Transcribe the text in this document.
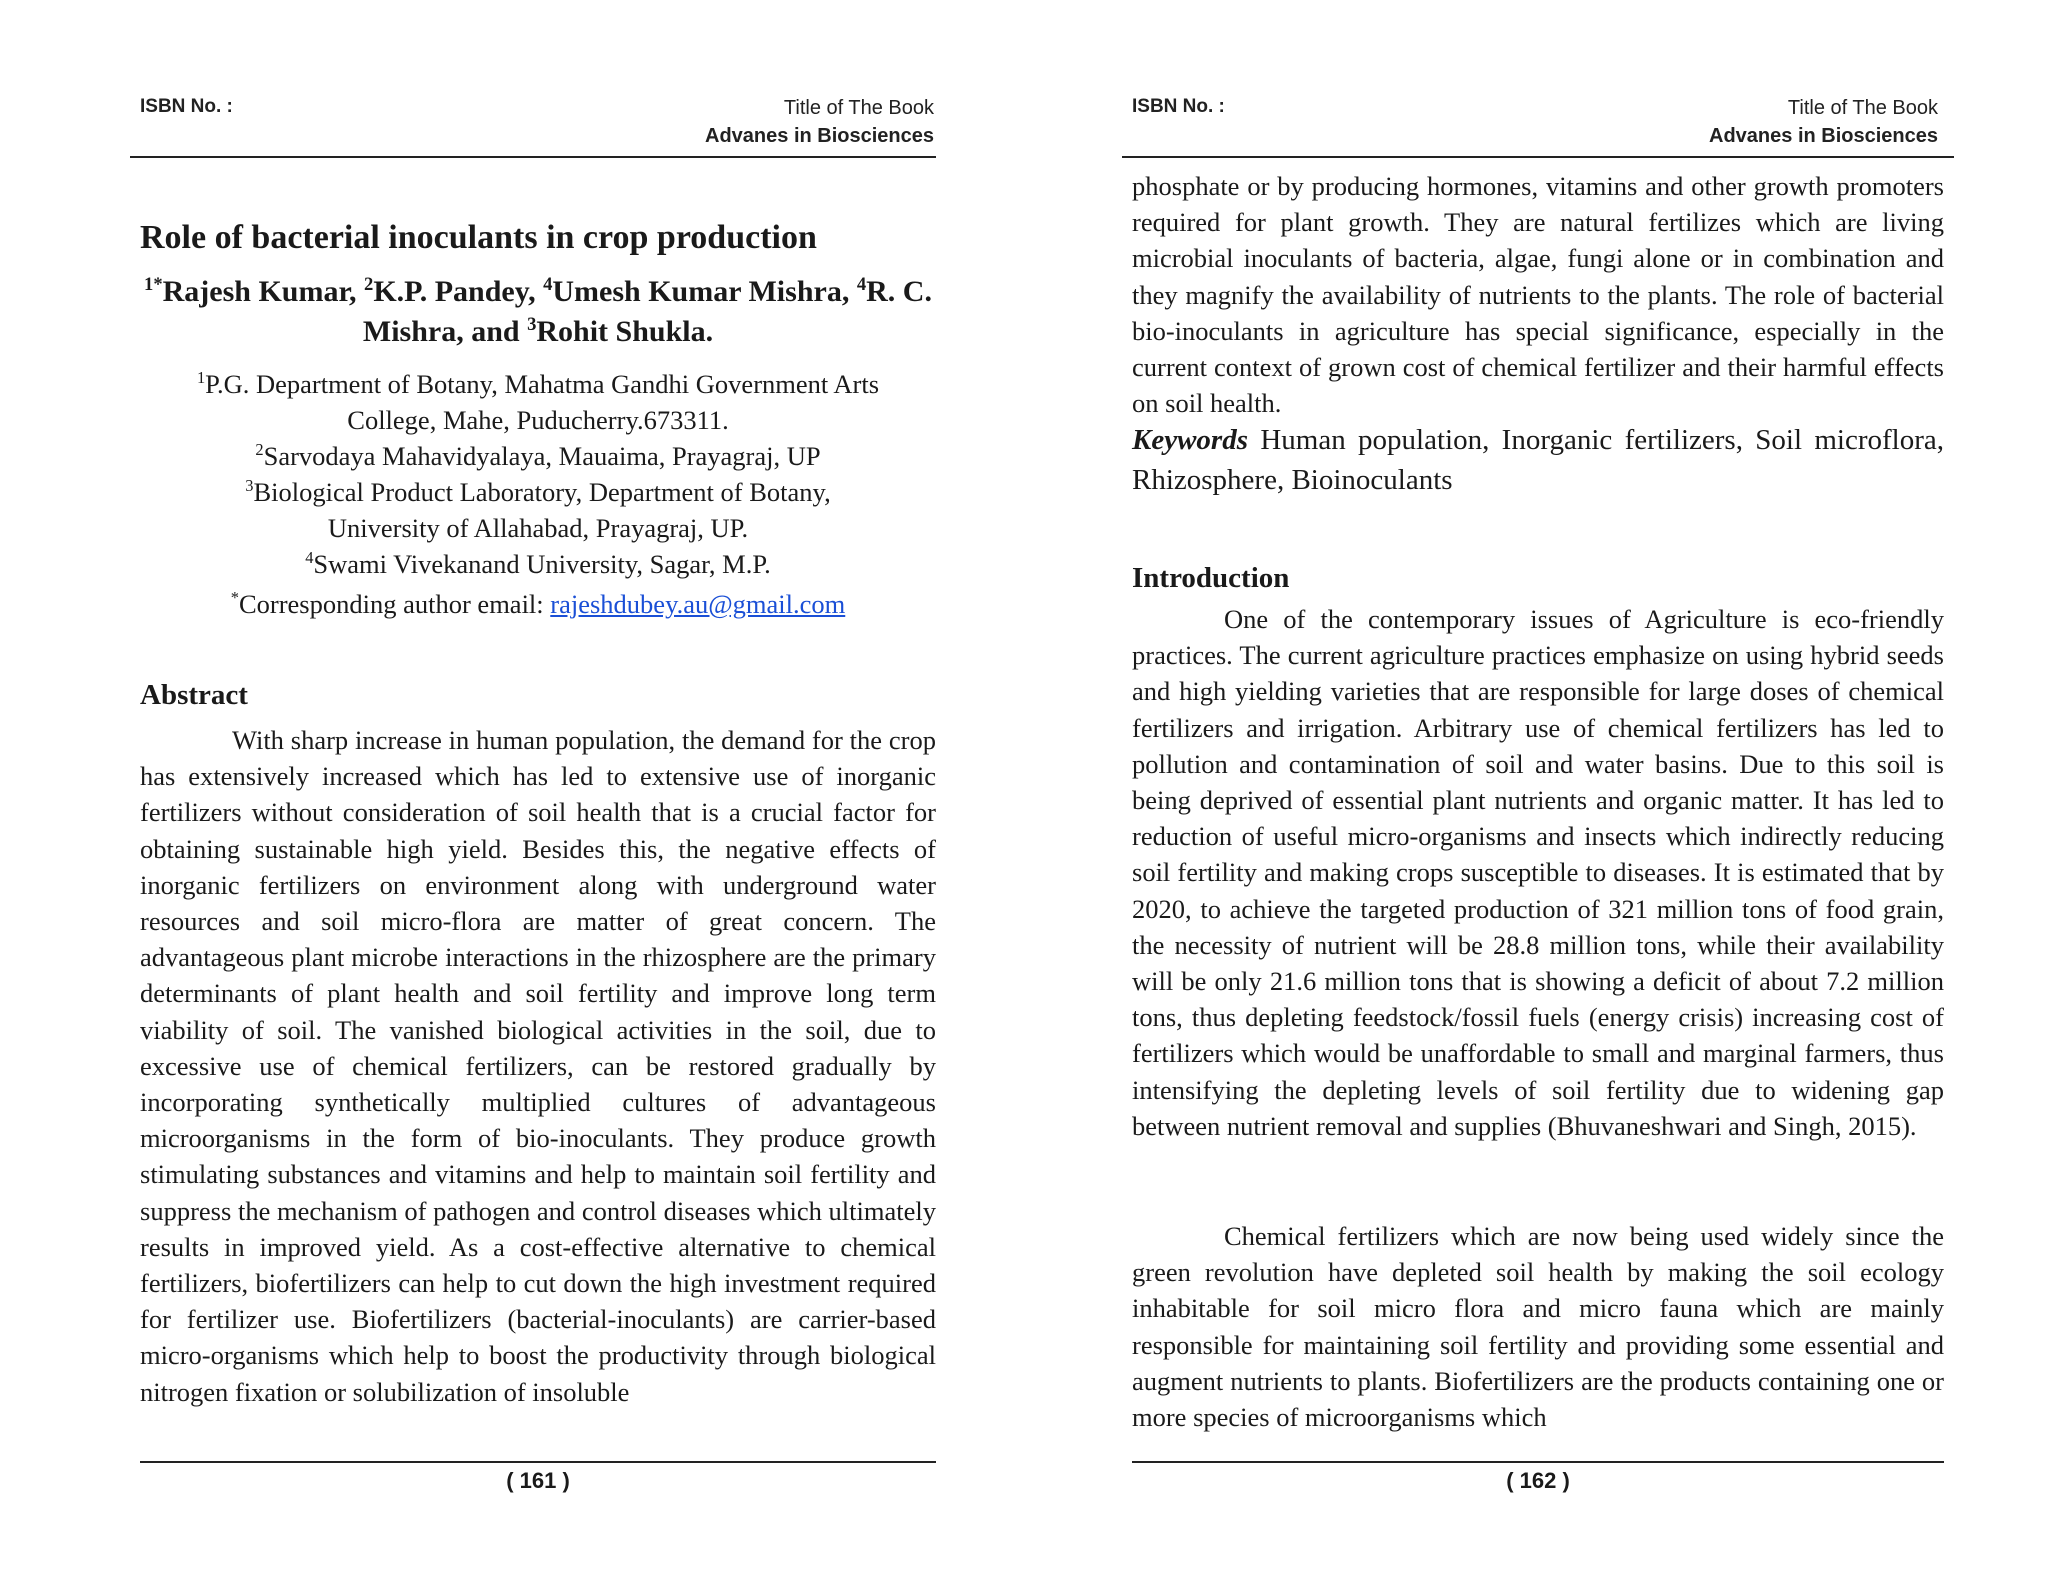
ISBN No. :	Title of The Book
Advanes in Biosciences
Role of bacterial inoculants in crop production
$^{1*}$Rajesh Kumar, $^2$K.P. Pandey, $^4$Umesh Kumar Mishra, $^4$R. C. Mishra, and $^3$Rohit Shukla.
$^1$P.G. Department of Botany, Mahatma Gandhi Government Arts College, Mahe, Puducherry.673311.
$^2$Sarvodaya Mahavidyalaya, Mauaima, Prayagraj, UP
$^3$Biological Product Laboratory, Department of Botany, University of Allahabad, Prayagraj, UP.
$^4$Swami Vivekanand University, Sagar, M.P.
*Corresponding author email: rajeshdubey.au@gmail.com
Abstract
With sharp increase in human population, the demand for the crop has extensively increased which has led to extensive use of inorganic fertilizers without consideration of soil health that is a crucial factor for obtaining sustainable high yield. Besides this, the negative effects of inorganic fertilizers on environment along with underground water resources and soil micro-flora are matter of great concern. The advantageous plant microbe interactions in the rhizosphere are the primary determinants of plant health and soil fertility and improve long term viability of soil. The vanished biological activities in the soil, due to excessive use of chemical fertilizers, can be restored gradually by incorporating synthetically multiplied cultures of advantageous microorganisms in the form of bio-inoculants. They produce growth stimulating substances and vitamins and help to maintain soil fertility and suppress the mechanism of pathogen and control diseases which ultimately results in improved yield. As a cost-effective alternative to chemical fertilizers, biofertilizers can help to cut down the high investment required for fertilizer use. Biofertilizers (bacterial-inoculants) are carrier-based micro-organisms which help to boost the productivity through biological nitrogen fixation or solubilization of insoluble
( 161 )
ISBN No. :	Title of The Book
Advanes in Biosciences
phosphate or by producing hormones, vitamins and other growth promoters required for plant growth. They are natural fertilizes which are living microbial inoculants of bacteria, algae, fungi alone or in combination and they magnify the availability of nutrients to the plants. The role of bacterial bio-inoculants in agriculture has special significance, especially in the current context of grown cost of chemical fertilizer and their harmful effects on soil health.
Keywords Human population, Inorganic fertilizers, Soil microflora, Rhizosphere, Bioinoculants
Introduction
One of the contemporary issues of Agriculture is eco-friendly practices. The current agriculture practices emphasize on using hybrid seeds and high yielding varieties that are responsible for large doses of chemical fertilizers and irrigation. Arbitrary use of chemical fertilizers has led to pollution and contamination of soil and water basins. Due to this soil is being deprived of essential plant nutrients and organic matter. It has led to reduction of useful micro-organisms and insects which indirectly reducing soil fertility and making crops susceptible to diseases. It is estimated that by 2020, to achieve the targeted production of 321 million tons of food grain, the necessity of nutrient will be 28.8 million tons, while their availability will be only 21.6 million tons that is showing a deficit of about 7.2 million tons, thus depleting feedstock/fossil fuels (energy crisis) increasing cost of fertilizers which would be unaffordable to small and marginal farmers, thus intensifying the depleting levels of soil fertility due to widening gap between nutrient removal and supplies (Bhuvaneshwari and Singh, 2015).
Chemical fertilizers which are now being used widely since the green revolution have depleted soil health by making the soil ecology inhabitable for soil micro flora and micro fauna which are mainly responsible for maintaining soil fertility and providing some essential and augment nutrients to plants. Biofertilizers are the products containing one or more species of microorganisms which
( 162 )
